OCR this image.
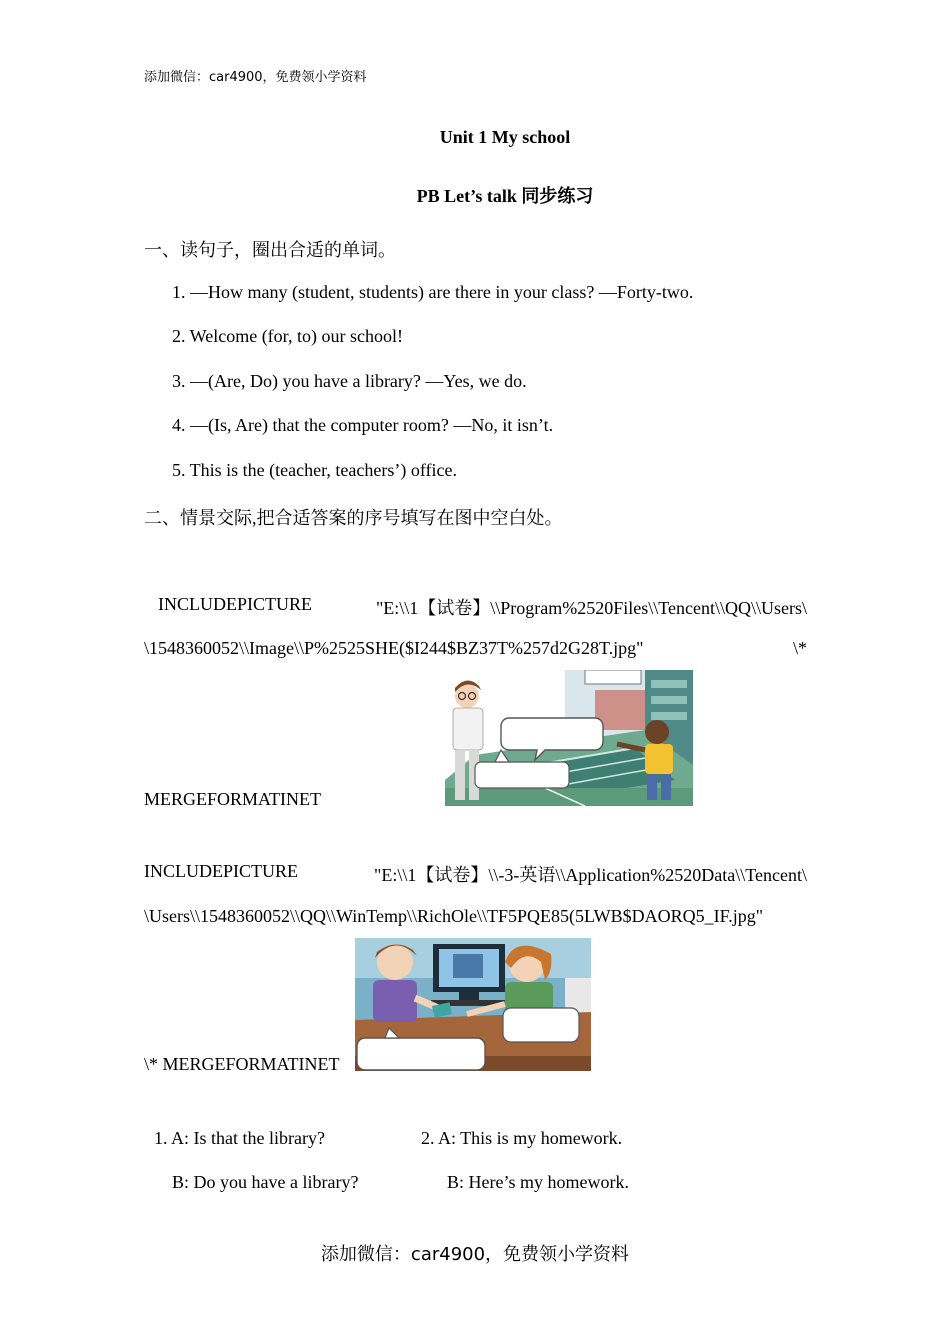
添加微信：car4900，免费领小学资料
Unit 1 My school
PB Let’s talk 同步练习
一、读句子，圈出合适的单词。
1. —How many (student, students) are there in your class? —Forty-two.
2. Welcome (for, to) our school!
3. —(Are, Do) you have a library? —Yes, we do.
4. —(Is, Are) that the computer room? —No, it isn’t.
5. This is the (teacher, teachers’) office.
二、情景交际,把合适答案的序号填写在图中空白处。
INCLUDEPICTURE	"E:\\1【试卷】\\Program%2520Files\\Tencent\\QQ\\Users\
\1548360052\\Image\\P%2525SHE($I244$BZ37T%257d2G28T.jpg"	\*
MERGEFORMATINET
INCLUDEPICTURE	"E:\\1【试卷】\\-3-英语\\Application%2520Data\\Tencent\
\Users\\1548360052\\QQ\\WinTemp\\RichOle\\TF5PQE85(5LWB$DAORQ5_IF.jpg"
\* MERGEFORMATINET
1. A: Is that the library?	2. A: This is my homework.
B: Do you have a library?	B: Here’s my homework.
添加微信：car4900，免费领小学资料
